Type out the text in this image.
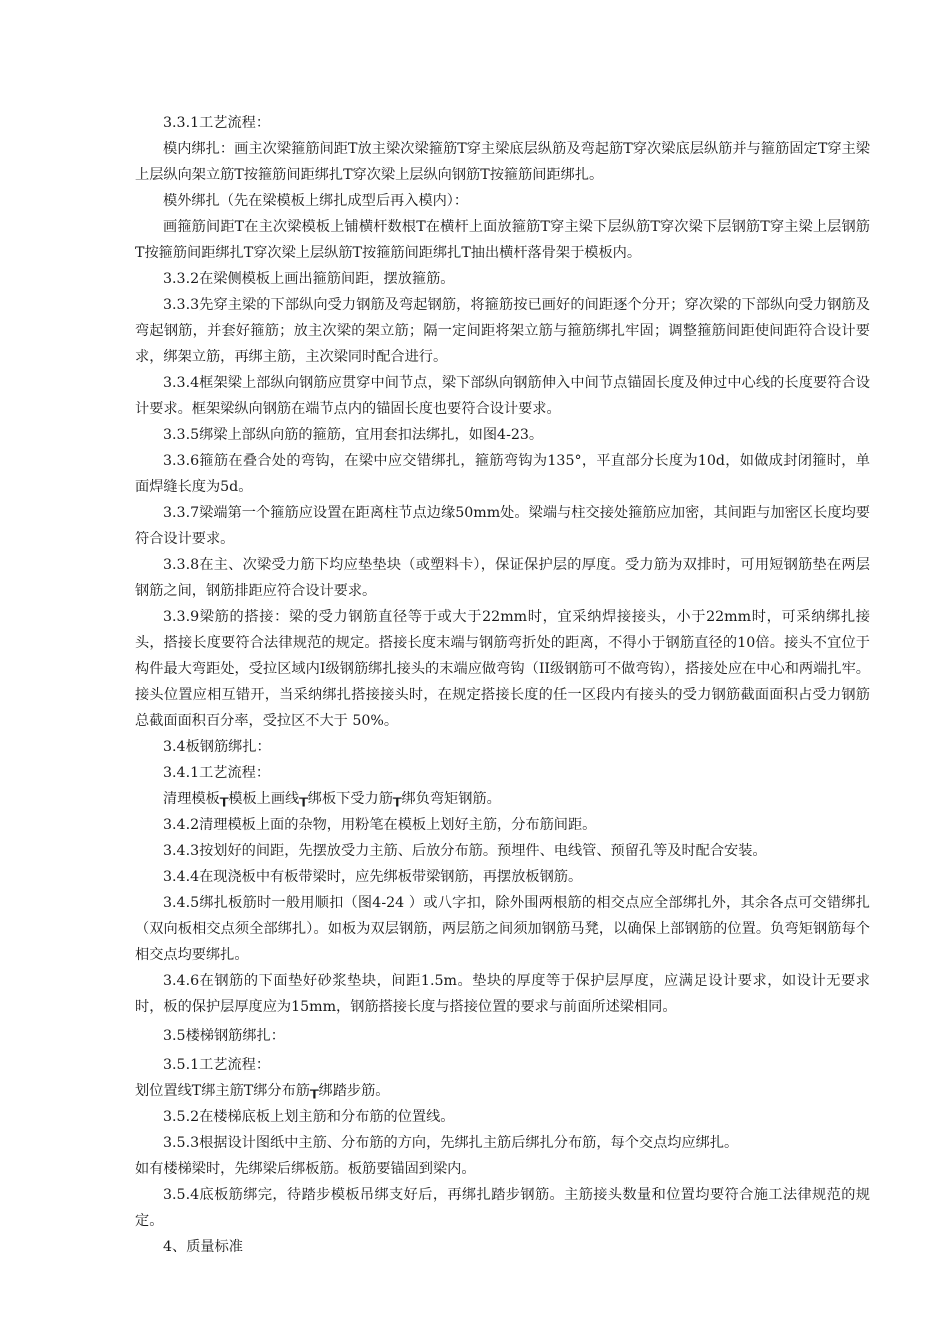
3.3.1工艺流程：

模内绑扎：画主次梁箍筋间距T放主梁次梁箍筋T穿主梁底层纵筋及弯起筋T穿次梁底层纵筋并与箍筋固定T穿主梁上层纵向架立筋T按箍筋间距绑扎T穿次梁上层纵向钢筋T按箍筋间距绑扎。

模外绑扎（先在梁模板上绑扎成型后再入模内）：

画箍筋间距T在主次梁模板上铺横杆数根T在横杆上面放箍筋T穿主梁下层纵筋T穿次梁下层钢筋T穿主梁上层钢筋T按箍筋间距绑扎T穿次梁上层纵筋T按箍筋间距绑扎T抽出横杆落骨架于模板内。

3.3.2在梁侧模板上画出箍筋间距，摆放箍筋。

3.3.3先穿主梁的下部纵向受力钢筋及弯起钢筋，将箍筋按已画好的间距逐个分开；穿次梁的下部纵向受力钢筋及弯起钢筋，并套好箍筋；放主次梁的架立筋；隔一定间距将架立筋与箍筋绑扎牢固；调整箍筋间距使间距符合设计要求，绑架立筋，再绑主筋，主次梁同时配合进行。

3.3.4框架梁上部纵向钢筋应贯穿中间节点，梁下部纵向钢筋伸入中间节点锚固长度及伸过中心线的长度要符合设计要求。框架梁纵向钢筋在端节点内的锚固长度也要符合设计要求。

3.3.5绑梁上部纵向筋的箍筋，宜用套扣法绑扎，如图4-23。

3.3.6箍筋在叠合处的弯钩，在梁中应交错绑扎，箍筋弯钩为135°，平直部分长度为10d，如做成封闭箍时，单面焊缝长度为5d。

3.3.7梁端第一个箍筋应设置在距离柱节点边缘50mm处。梁端与柱交接处箍筋应加密，其间距与加密区长度均要符合设计要求。

3.3.8在主、次梁受力筋下均应垫垫块（或塑料卡），保证保护层的厚度。受力筋为双排时，可用短钢筋垫在两层钢筋之间，钢筋排距应符合设计要求。

3.3.9梁筋的搭接：梁的受力钢筋直径等于或大于22mm时，宜采纳焊接接头，小于22mm时，可采纳绑扎接头，搭接长度要符合法律规范的规定。搭接长度末端与钢筋弯折处的距离，不得小于钢筋直径的10倍。接头不宜位于构件最大弯距处，受拉区域内I级钢筋绑扎接头的末端应做弯钩（II级钢筋可不做弯钩），搭接处应在中心和两端扎牢。接头位置应相互错开，当采纳绑扎搭接接头时，在规定搭接长度的任一区段内有接头的受力钢筋截面面积占受力钢筋总截面面积百分率，受拉区不大于 50%。

3.4板钢筋绑扎：

3.4.1工艺流程：

清理模板┰模板上画线┰绑板下受力筋┰绑负弯矩钢筋。

3.4.2清理模板上面的杂物，用粉笔在模板上划好主筋，分布筋间距。

3.4.3按划好的间距，先摆放受力主筋、后放分布筋。预埋件、电线管、预留孔等及时配合安装。

3.4.4在现浇板中有板带梁时，应先绑板带梁钢筋，再摆放板钢筋。

3.4.5绑扎板筋时一般用顺扣（图4-24 ）或八字扣，除外围两根筋的相交点应全部绑扎外，其余各点可交错绑扎（双向板相交点须全部绑扎）。如板为双层钢筋，两层筋之间须加钢筋马凳，以确保上部钢筋的位置。负弯矩钢筋每个相交点均要绑扎。

3.4.6在钢筋的下面垫好砂浆垫块，间距1.5m。垫块的厚度等于保护层厚度，应满足设计要求，如设计无要求时，板的保护层厚度应为15mm，钢筋搭接长度与搭接位置的要求与前面所述梁相同。

3.5楼梯钢筋绑扎：

3.5.1工艺流程：

划位置线T绑主筋T绑分布筋┰绑踏步筋。

3.5.2在楼梯底板上划主筋和分布筋的位置线。

3.5.3根据设计图纸中主筋、分布筋的方向，先绑扎主筋后绑扎分布筋，每个交点均应绑扎。

如有楼梯梁时，先绑梁后绑板筋。板筋要锚固到梁内。

3.5.4底板筋绑完，待踏步模板吊绑支好后，再绑扎踏步钢筋。主筋接头数量和位置均要符合施工法律规范的规定。

4、质量标准
